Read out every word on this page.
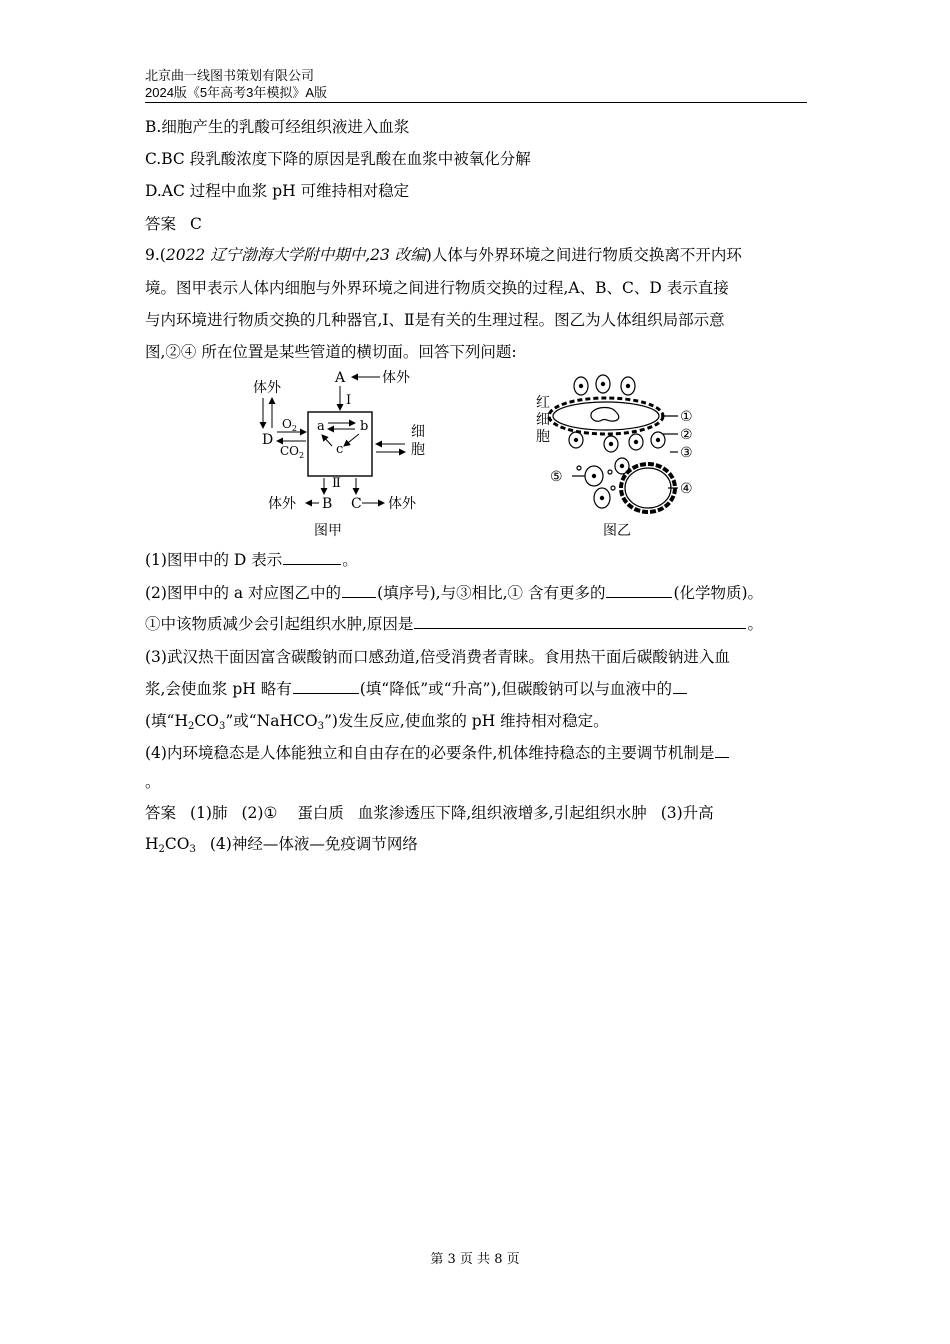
北京曲一线图书策划有限公司
2024版《5年高考3年模拟》A版
B.细胞产生的乳酸可经组织液进入血浆
C.BC 段乳酸浓度下降的原因是乳酸在血浆中被氧化分解
D.AC 过程中血浆 pH 可维持相对稳定
答案 C
9.(2022 辽宁渤海大学附中期中,23 改编)人体与外界环境之间进行物质交换离不开内环
境。图甲表示人体内细胞与外界环境之间进行物质交换的过程,A、B、C、D 表示直接
与内环境进行物质交换的几种器官,I、Ⅱ是有关的生理过程。图乙为人体组织局部示意
图,②④ 所在位置是某些管道的横切面。回答下列问题:
A	体外
I
体外
D
$O_2$
$CO_2$
a	b
c
细
胞
Ⅱ
B C
体外	体外
图甲
红
细
胞
①
②
③
④
⑤
图乙
(1)图甲中的 D 表示	。
(2)图甲中的 a 对应图乙中的 (填序号),与③相比,① 含有更多的	(化学物质)。
①中该物质减少会引起组织水肿,原因是	。
(3)武汉热干面因富含碳酸钠而口感劲道,倍受消费者青睐。食用热干面后碳酸钠进入血
浆,会使血浆 pH 略有	(填“降低”或“升高”),但碳酸钠可以与血液中的
(填“$H_2CO_3$”或“NaHCO$_3$”)发生反应,使血浆的 pH 维持相对稳定。
(4)内环境稳态是人体能独立和自由存在的必要条件,机体维持稳态的主要调节机制是
。
答案 (1)肺 (2)① 蛋白质 血浆渗透压下降,组织液增多,引起组织水肿 (3)升高
$H_2CO_3$ (4)神经—体液—免疫调节网络
第 3 页 共 8 页
